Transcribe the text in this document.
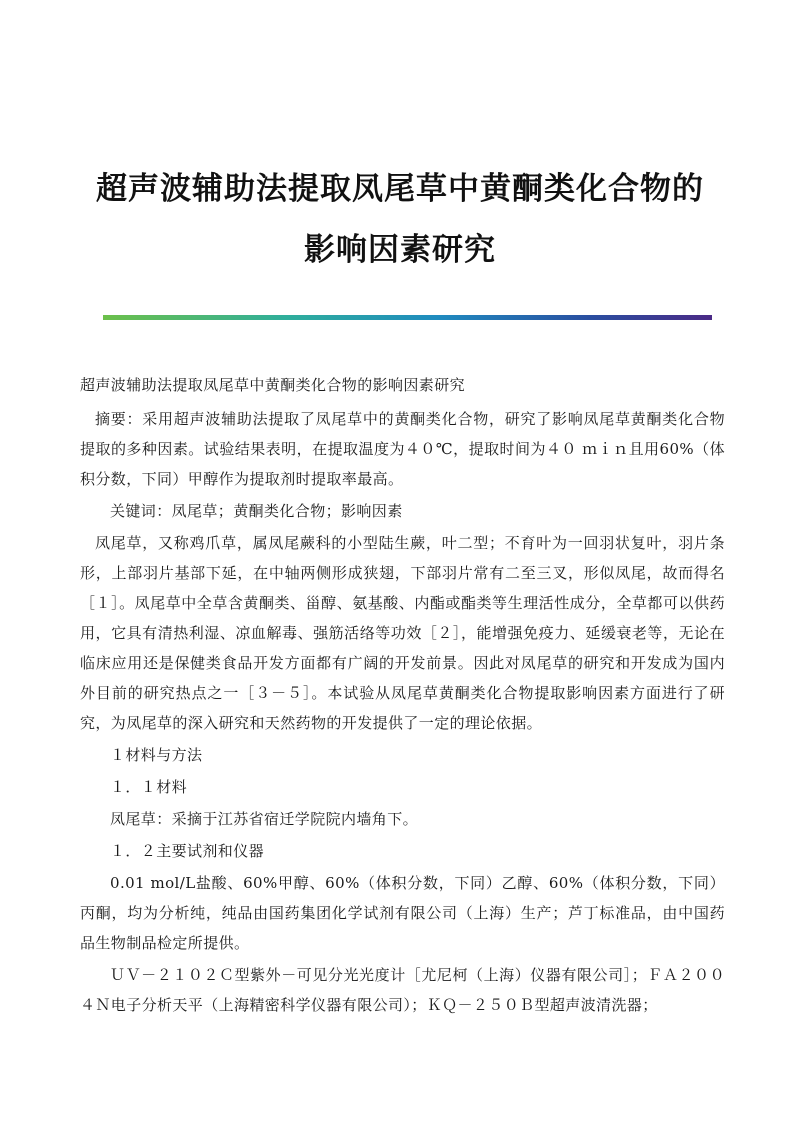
超声波辅助法提取凤尾草中黄酮类化合物的
影响因素研究

超声波辅助法提取凤尾草中黄酮类化合物的影响因素研究

摘要：采用超声波辅助法提取了凤尾草中的黄酮类化合物，研究了影响凤尾草黄酮类化合物提取的多种因素。试验结果表明，在提取温度为４０℃，提取时间为４０ ｍｉｎ且用60%（体积分数，下同）甲醇作为提取剂时提取率最高。

关键词：凤尾草；黄酮类化合物；影响因素

凤尾草，又称鸡爪草，属凤尾蕨科的小型陆生蕨，叶二型；不育叶为一回羽状复叶，羽片条形，上部羽片基部下延，在中轴两侧形成狭翅，下部羽片常有二至三叉，形似凤尾，故而得名［１］。凤尾草中全草含黄酮类、甾醇、氨基酸、内酯或酯类等生理活性成分，全草都可以供药用，它具有清热利湿、凉血解毒、强筋活络等功效［２］，能增强免疫力、延缓衰老等，无论在临床应用还是保健类食品开发方面都有广阔的开发前景。因此对凤尾草的研究和开发成为国内外目前的研究热点之一［３－５］。本试验从凤尾草黄酮类化合物提取影响因素方面进行了研究，为凤尾草的深入研究和天然药物的开发提供了一定的理论依据。

１材料与方法

１．１材料

凤尾草：采摘于江苏省宿迁学院院内墙角下。

１．２主要试剂和仪器

0.01 mol/L盐酸、60%甲醇、60%（体积分数，下同）乙醇、60%（体积分数，下同）丙酮，均为分析纯，纯品由国药集团化学试剂有限公司（上海）生产；芦丁标准品，由中国药品生物制品检定所提供。

ＵＶ－２１０２Ｃ型紫外－可见分光光度计［尤尼柯（上海）仪器有限公司］；ＦＡ２００４Ｎ电子分析天平（上海精密科学仪器有限公司）；ＫＱ－２５０Ｂ型超声波清洗器；
